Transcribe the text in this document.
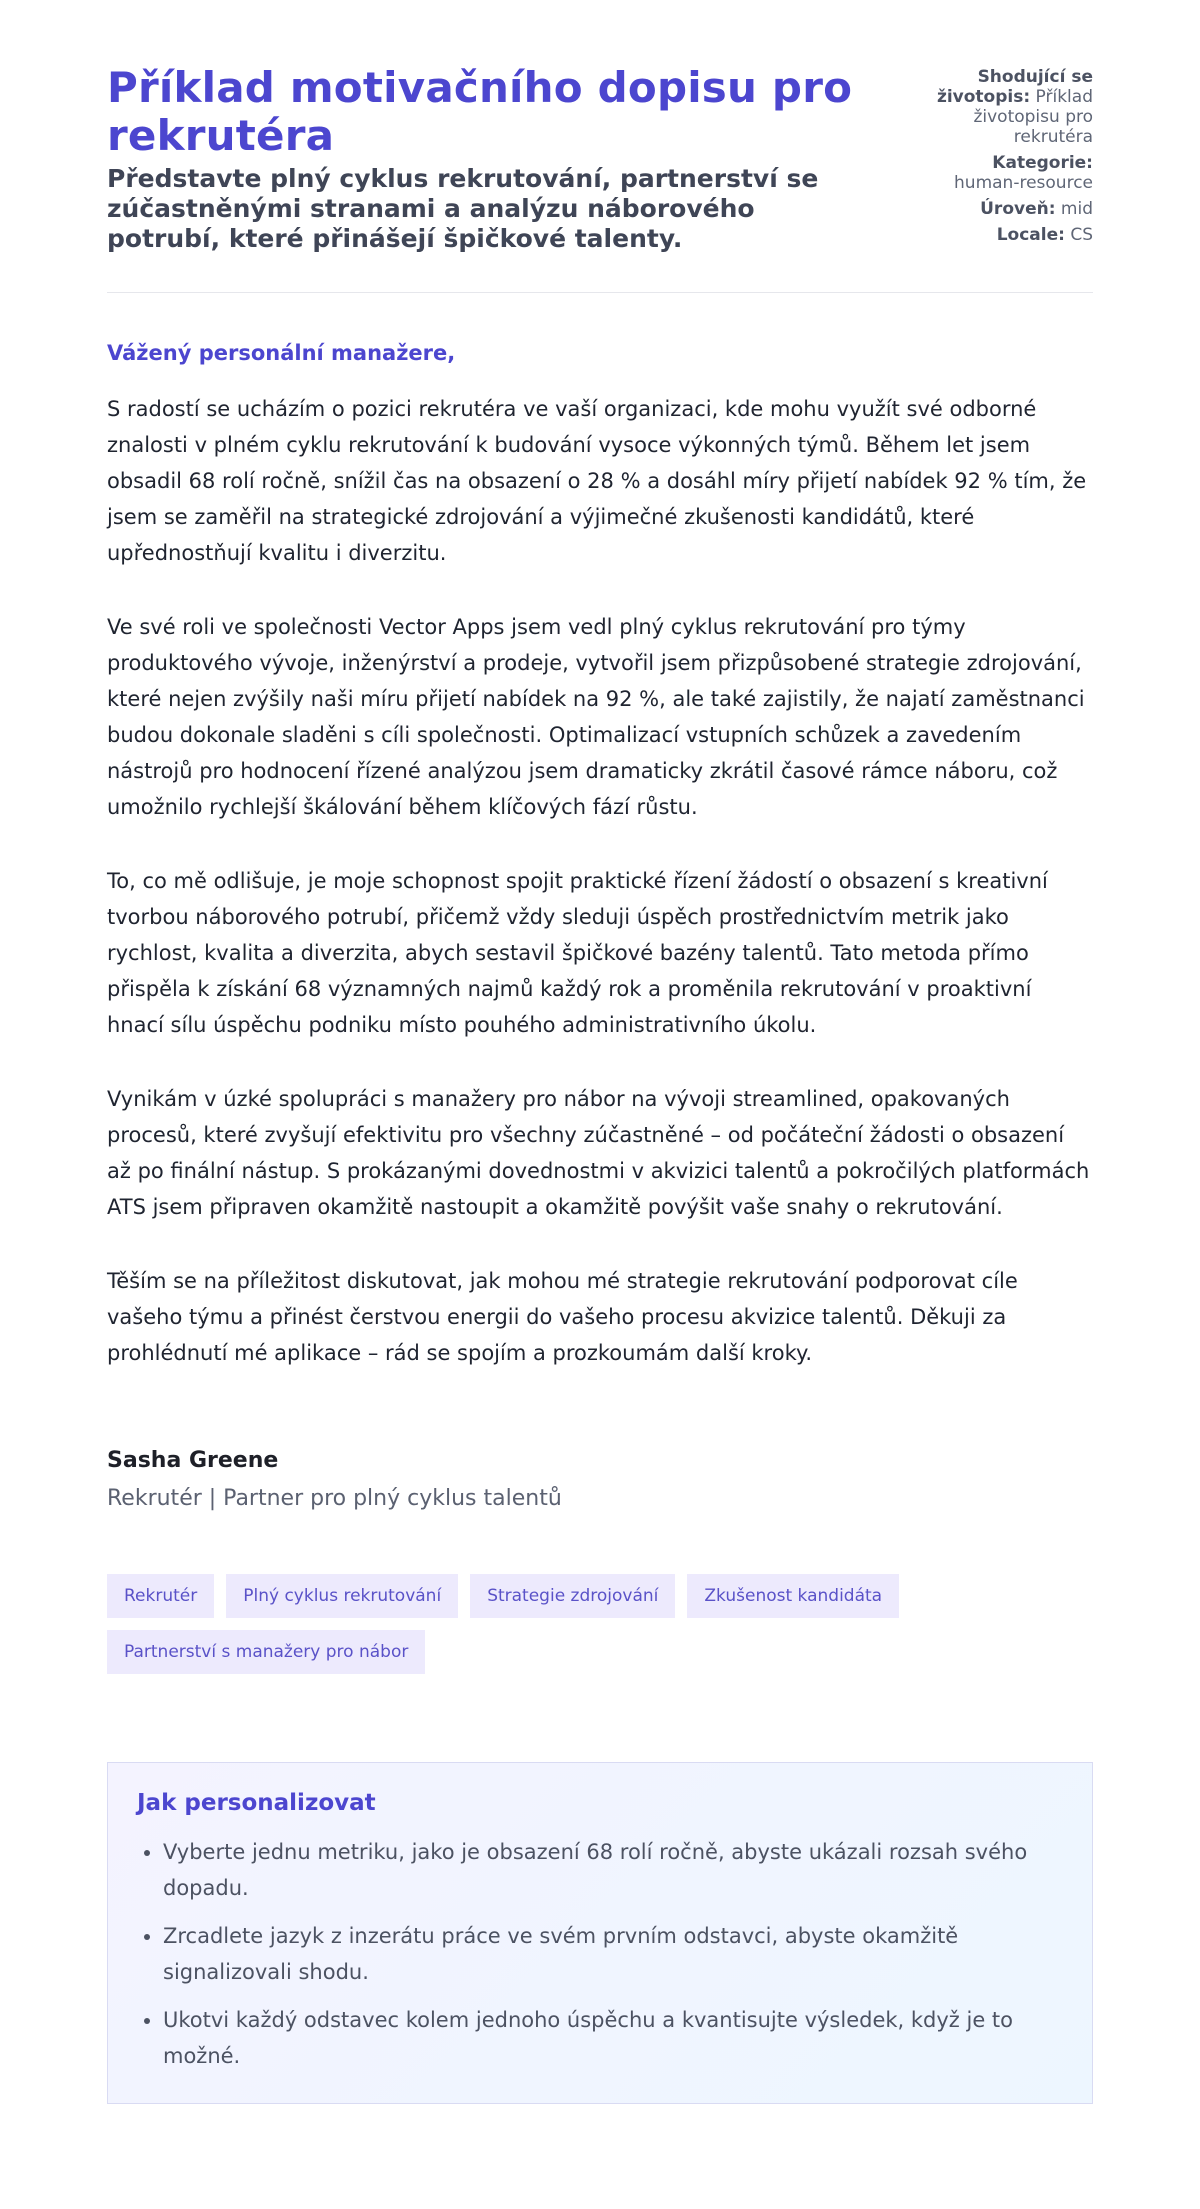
Příklad motivačního dopisu pro rekrutéra
Představte plný cyklus rekrutování, partnerství se zúčastněnými stranami a analýzu náborového potrubí, které přinášejí špičkové talenty.
Shodující se životopis: Příklad životopisu pro rekrutéra
Kategorie: human-resource
Úroveň: mid
Locale: CS

Vážený personální manažere,

S radostí se ucházím o pozici rekrutéra ve vaší organizaci, kde mohu využít své odborné znalosti v plném cyklu rekrutování k budování vysoce výkonných týmů. Během let jsem obsadil 68 rolí ročně, snížil čas na obsazení o 28 % a dosáhl míry přijetí nabídek 92 % tím, že jsem se zaměřil na strategické zdrojování a výjimečné zkušenosti kandidátů, které upřednostňují kvalitu i diverzitu.

Ve své roli ve společnosti Vector Apps jsem vedl plný cyklus rekrutování pro týmy produktového vývoje, inženýrství a prodeje, vytvořil jsem přizpůsobené strategie zdrojování, které nejen zvýšily naši míru přijetí nabídek na 92 %, ale také zajistily, že najatí zaměstnanci budou dokonale sladěni s cíli společnosti. Optimalizací vstupních schůzek a zavedením nástrojů pro hodnocení řízené analýzou jsem dramaticky zkrátil časové rámce náboru, což umožnilo rychlejší škálování během klíčových fází růstu.

To, co mě odlišuje, je moje schopnost spojit praktické řízení žádostí o obsazení s kreativní tvorbou náborového potrubí, přičemž vždy sleduji úspěch prostřednictvím metrik jako rychlost, kvalita a diverzita, abych sestavil špičkové bazény talentů. Tato metoda přímo přispěla k získání 68 významných najmů každý rok a proměnila rekrutování v proaktivní hnací sílu úspěchu podniku místo pouhého administrativního úkolu.

Vynikám v úzké spolupráci s manažery pro nábor na vývoji streamlined, opakovaných procesů, které zvyšují efektivitu pro všechny zúčastněné – od počáteční žádosti o obsazení až po finální nástup. S prokázanými dovednostmi v akvizici talentů a pokročilých platformách ATS jsem připraven okamžitě nastoupit a okamžitě povýšit vaše snahy o rekrutování.

Těším se na příležitost diskutovat, jak mohou mé strategie rekrutování podporovat cíle vašeho týmu a přinést čerstvou energii do vašeho procesu akvizice talentů. Děkuji za prohlédnutí mé aplikace – rád se spojím a prozkoumám další kroky.

Sasha Greene

Rekrutér | Partner pro plný cyklus talentů

Rekrutér	Plný cyklus rekrutování	Strategie zdrojování	Zkušenost kandidáta
Partnerství s manažery pro nábor
Jak personalizovat
• Vyberte jednu metriku, jako je obsazení 68 rolí ročně, abyste ukázali rozsah svého dopadu.
• Zrcadlete jazyk z inzerátu práce ve svém prvním odstavci, abyste okamžitě signalizovali shodu.
• Ukotvi každý odstavec kolem jednoho úspěchu a kvantisujte výsledek, když je to možné.
